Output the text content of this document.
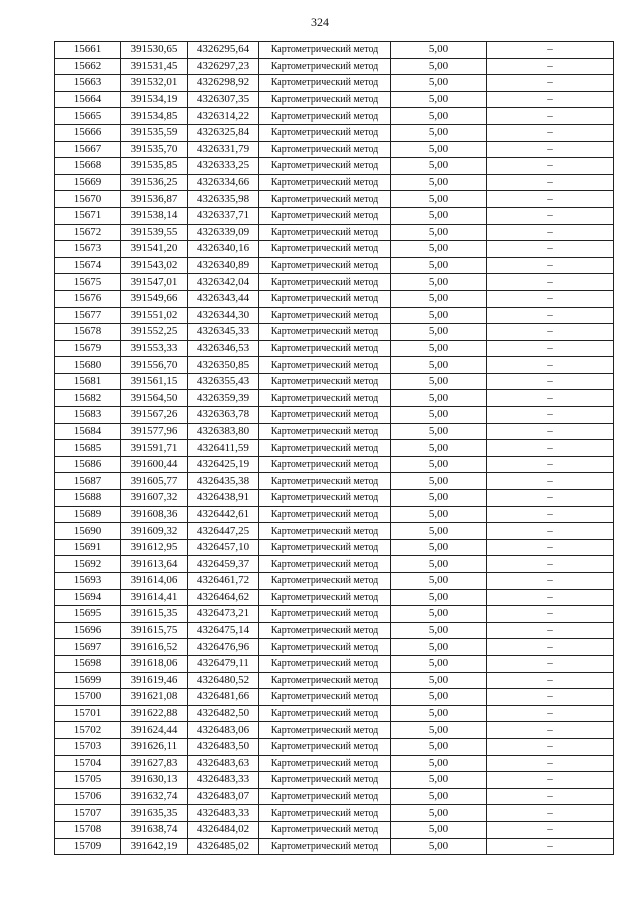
324
15661	391530,65	4326295,64	Картометрический метод	5,00	–
15662	391531,45	4326297,23	Картометрический метод	5,00	–
15663	391532,01	4326298,92	Картометрический метод	5,00	–
15664	391534,19	4326307,35	Картометрический метод	5,00	–
15665	391534,85	4326314,22	Картометрический метод	5,00	–
15666	391535,59	4326325,84	Картометрический метод	5,00	–
15667	391535,70	4326331,79	Картометрический метод	5,00	–
15668	391535,85	4326333,25	Картометрический метод	5,00	–
15669	391536,25	4326334,66	Картометрический метод	5,00	–
15670	391536,87	4326335,98	Картометрический метод	5,00	–
15671	391538,14	4326337,71	Картометрический метод	5,00	–
15672	391539,55	4326339,09	Картометрический метод	5,00	–
15673	391541,20	4326340,16	Картометрический метод	5,00	–
15674	391543,02	4326340,89	Картометрический метод	5,00	–
15675	391547,01	4326342,04	Картометрический метод	5,00	–
15676	391549,66	4326343,44	Картометрический метод	5,00	–
15677	391551,02	4326344,30	Картометрический метод	5,00	–
15678	391552,25	4326345,33	Картометрический метод	5,00	–
15679	391553,33	4326346,53	Картометрический метод	5,00	–
15680	391556,70	4326350,85	Картометрический метод	5,00	–
15681	391561,15	4326355,43	Картометрический метод	5,00	–
15682	391564,50	4326359,39	Картометрический метод	5,00	–
15683	391567,26	4326363,78	Картометрический метод	5,00	–
15684	391577,96	4326383,80	Картометрический метод	5,00	–
15685	391591,71	4326411,59	Картометрический метод	5,00	–
15686	391600,44	4326425,19	Картометрический метод	5,00	–
15687	391605,77	4326435,38	Картометрический метод	5,00	–
15688	391607,32	4326438,91	Картометрический метод	5,00	–
15689	391608,36	4326442,61	Картометрический метод	5,00	–
15690	391609,32	4326447,25	Картометрический метод	5,00	–
15691	391612,95	4326457,10	Картометрический метод	5,00	–
15692	391613,64	4326459,37	Картометрический метод	5,00	–
15693	391614,06	4326461,72	Картометрический метод	5,00	–
15694	391614,41	4326464,62	Картометрический метод	5,00	–
15695	391615,35	4326473,21	Картометрический метод	5,00	–
15696	391615,75	4326475,14	Картометрический метод	5,00	–
15697	391616,52	4326476,96	Картометрический метод	5,00	–
15698	391618,06	4326479,11	Картометрический метод	5,00	–
15699	391619,46	4326480,52	Картометрический метод	5,00	–
15700	391621,08	4326481,66	Картометрический метод	5,00	–
15701	391622,88	4326482,50	Картометрический метод	5,00	–
15702	391624,44	4326483,06	Картометрический метод	5,00	–
15703	391626,11	4326483,50	Картометрический метод	5,00	–
15704	391627,83	4326483,63	Картометрический метод	5,00	–
15705	391630,13	4326483,33	Картометрический метод	5,00	–
15706	391632,74	4326483,07	Картометрический метод	5,00	–
15707	391635,35	4326483,33	Картометрический метод	5,00	–
15708	391638,74	4326484,02	Картометрический метод	5,00	–
15709	391642,19	4326485,02	Картометрический метод	5,00	–
